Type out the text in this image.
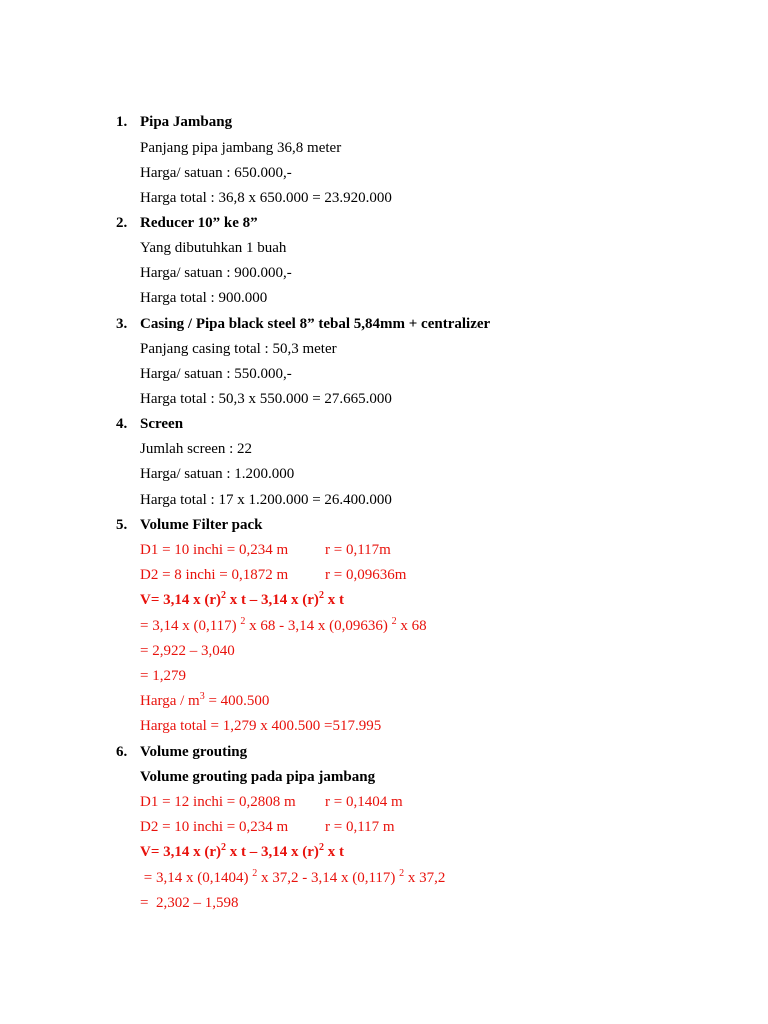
1. Pipa Jambang
Panjang pipa jambang 36,8 meter
Harga/ satuan : 650.000,-
Harga total : 36,8 x 650.000 = 23.920.000
2. Reducer 10” ke 8”
Yang dibutuhkan 1 buah
Harga/ satuan : 900.000,-
Harga total : 900.000
3. Casing / Pipa black steel 8” tebal 5,84mm + centralizer
Panjang casing total : 50,3 meter
Harga/ satuan : 550.000,-
Harga total : 50,3 x 550.000 = 27.665.000
4. Screen
Jumlah screen : 22
Harga/ satuan : 1.200.000
Harga total : 17 x 1.200.000 = 26.400.000
5. Volume Filter pack
D1 = 10 inchi = 0,234 m r = 0,117m
D2 = 8 inchi = 0,1872 m r = 0,09636m
V= 3,14 x $(r)^2$ x t – 3,14 x $(r)^2$ x t
= 3,14 x (0,117) $^2$ x 68 - 3,14 x (0,09636) $^2$ x 68
= 2,922 – 3,040
= 1,279
Harga / $m^3 = 400.500$
Harga total = 1,279 x 400.500 =517.995
6. Volume grouting
Volume grouting pada pipa jambang
D1 = 12 inchi = 0,2808 m r = 0,1404 m
D2 = 10 inchi = 0,234 m r = 0,117 m
V= 3,14 x $(r)^2$ x t – 3,14 x $(r)^2$ x t
= 3,14 x (0,1404) $^2$ x 37,2 - 3,14 x (0,117) $^2$ x 37,2
=  2,302 – 1,598
